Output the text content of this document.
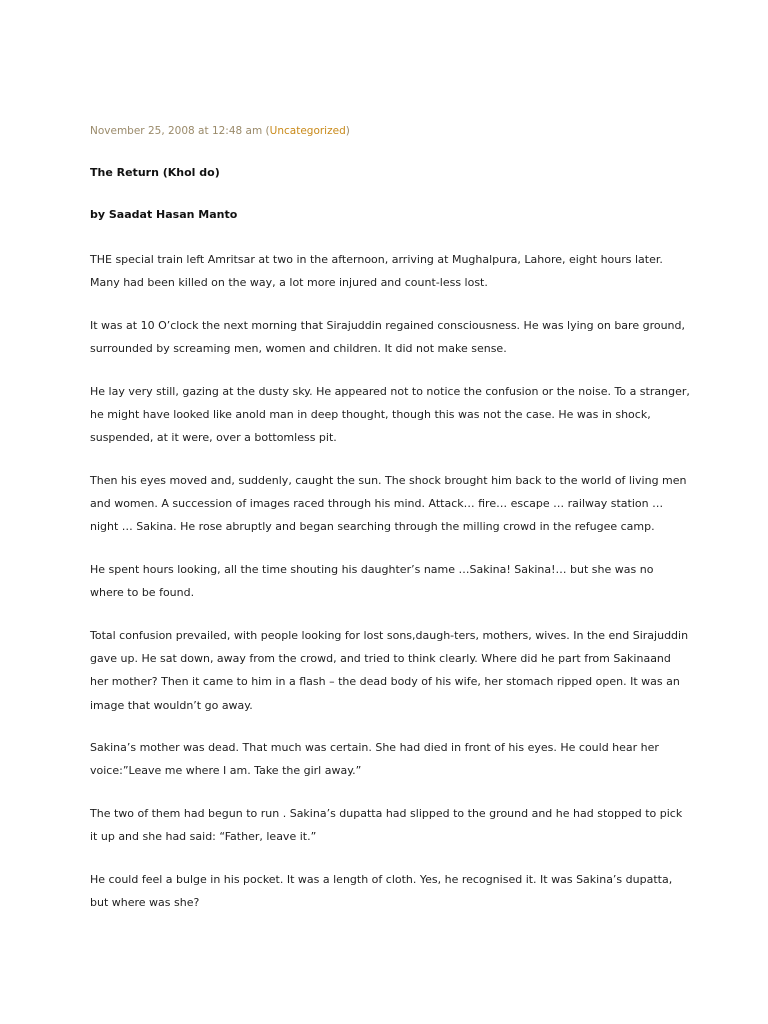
November 25, 2008 at 12:48 am (Uncategorized)
The Return (Khol do)
by Saadat Hasan Manto

THE special train left Amritsar at two in the afternoon, arriving at Mughalpura, Lahore, eight hours later. Many had been killed on the way, a lot more injured and count-less lost.

It was at 10 O’clock the next morning that Sirajuddin regained consciousness. He was lying on bare ground, surrounded by screaming men, women and children. It did not make sense.

He lay very still, gazing at the dusty sky. He appeared not to notice the confusion or the noise. To a stranger, he might have looked like anold man in deep thought, though this was not the case. He was in shock, suspended, at it were, over a bottomless pit.

Then his eyes moved and, suddenly, caught the sun. The shock brought him back to the world of living men and women. A succession of images raced through his mind. Attack… fire… escape … railway station … night … Sakina. He rose abruptly and began searching through the milling crowd in the refugee camp.

He spent hours looking, all the time shouting his daughter’s name …Sakina! Sakina!… but she was no where to be found.

Total confusion prevailed, with people looking for lost sons,daugh-ters, mothers, wives. In the end Sirajuddin gave up. He sat down, away from the crowd, and tried to think clearly. Where did he part from Sakinaand her mother? Then it came to him in a flash – the dead body of his wife, her stomach ripped open. It was an image that wouldn’t go away.

Sakina’s mother was dead. That much was certain. She had died in front of his eyes. He could hear her voice:”Leave me where I am. Take the girl away.”

The two of them had begun to run . Sakina’s dupatta had slipped to the ground and he had stopped to pick it up and she had said: “Father, leave it.”

He could feel a bulge in his pocket. It was a length of cloth. Yes, he recognised it. It was Sakina’s dupatta, but where was she?
